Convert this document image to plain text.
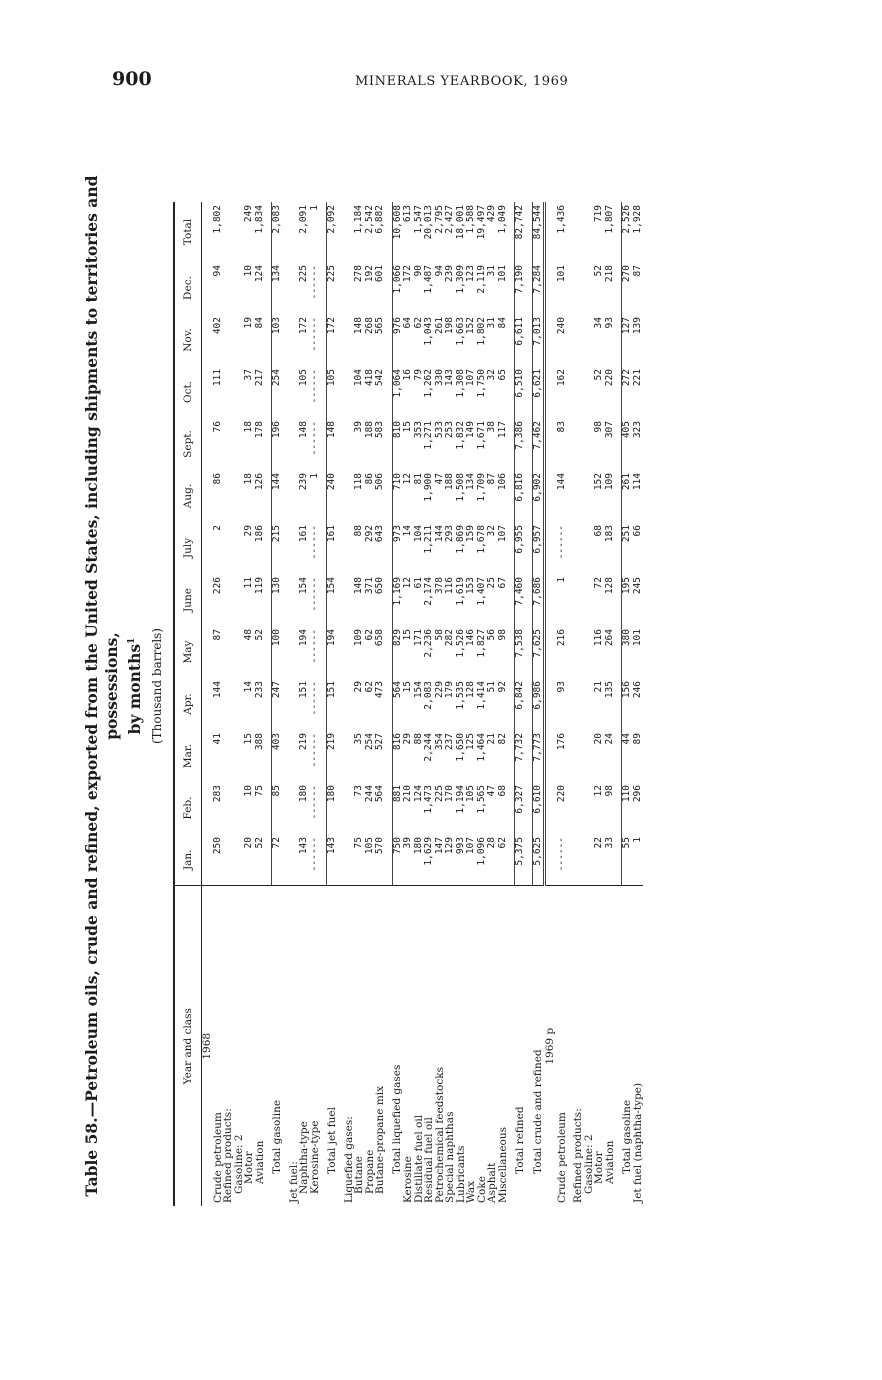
900	MINERALS YEARBOOK, 1969
Table 58.—Petroleum oils, crude and refined, exported from the United States, including shipments to territories and possessions, by months$^1$	(Thousand barrels)
Year and class	Jan.	Feb.	Mar.	Apr.	May	June	July	Aug.	Sept.	Oct.	Nov.	Dec.	Total
1968													
Crude petroleum	250	283	41	144	87	226	2	86	76	111	402	94	1,802
Refined products:													
Gasoline: 2													
Motor	20	10	15	14	48	11	29	18	18	37	19	10	249
Aviation	52	75	388	233	52	119	186	126	178	217	84	124	1,834

Total gasoline	72	85	403	247	100	130	215	144	196	254	103	134	2,083

Jet fuel:													
Naphtha-type	143	180	219	151	194	154	161	239	148	105	172	225	2,091
Kerosine-type	------	------	------	------	------	------	------	1	------	------	------	------	1

Total jet fuel	143	180	219	151	194	154	161	240	148	105	172	225	2,092

Liquefied gases:													
Butane	75	73	35	29	109	148	88	118	39	104	148	278	1,184
Propane	105	244	254	62	62	371	292	86	188	418	268	192	2,542
Butane-propane mix	570	564	527	473	658	650	643	506	583	542	565	601	6,882

Total liquefied gases	750	881	816	564	829	1,169	973	710	810	1,064	976	1,066	10,608
Kerosine	39	210	29	15	15	12	14	12	15	16	64	172	613
Distillate fuel oil	180	124	88	154	171	61	104	81	353	79	62	90	1,547
Residual fuel oil	1,629	1,473	2,244	2,083	2,236	2,174	1,211	1,900	1,271	1,262	1,043	1,487	20,013
Petrochemical feedstocks	147	225	354	229	58	378	144	47	533	330	261	94	2,795
Special naphthas	129	170	237	179	282	116	293	188	253	143	198	239	2,427
Lubricants	993	1,194	1,650	1,535	1,526	1,619	1,869	1,508	1,832	1,308	1,663	1,309	18,001
Wax	107	105	125	128	146	153	159	134	149	107	152	123	1,588
Coke	1,096	1,565	1,464	1,414	1,827	1,407	1,678	1,709	1,671	1,750	1,802	2,119	19,497
Asphalt	28	47	21	51	56	25	32	87	38	32	31	31	429
Miscellaneous	62	68	82	92	98	67	107	106	117	65	84	101	1,049

Total refined	5,375	6,327	7,732	6,842	7,538	7,460	6,955	6,816	7,386	6,510	6,611	7,190	82,742

Total crude and refined	5,625	6,610	7,773	6,986	7,625	7,686	6,957	6,902	7,462	6,621	7,013	7,284	84,544
1969 p													
Crude petroleum	------	220	176	93	216	1	------	144	83	162	240	101	1,436

Refined products:													
Gasoline: 2													
Motor	22	12	20	21	116	72	68	152	98	52	34	52	719
Aviation	33	98	24	135	264	128	183	109	307	220	93	218	1,807

Total gasoline	55	110	44	156	380	195	251	261	405	272	127	270	2,526
Jet fuel (naphtha-type)	1	296	89	246	101	245	66	114	323	221	139	87	1,928
